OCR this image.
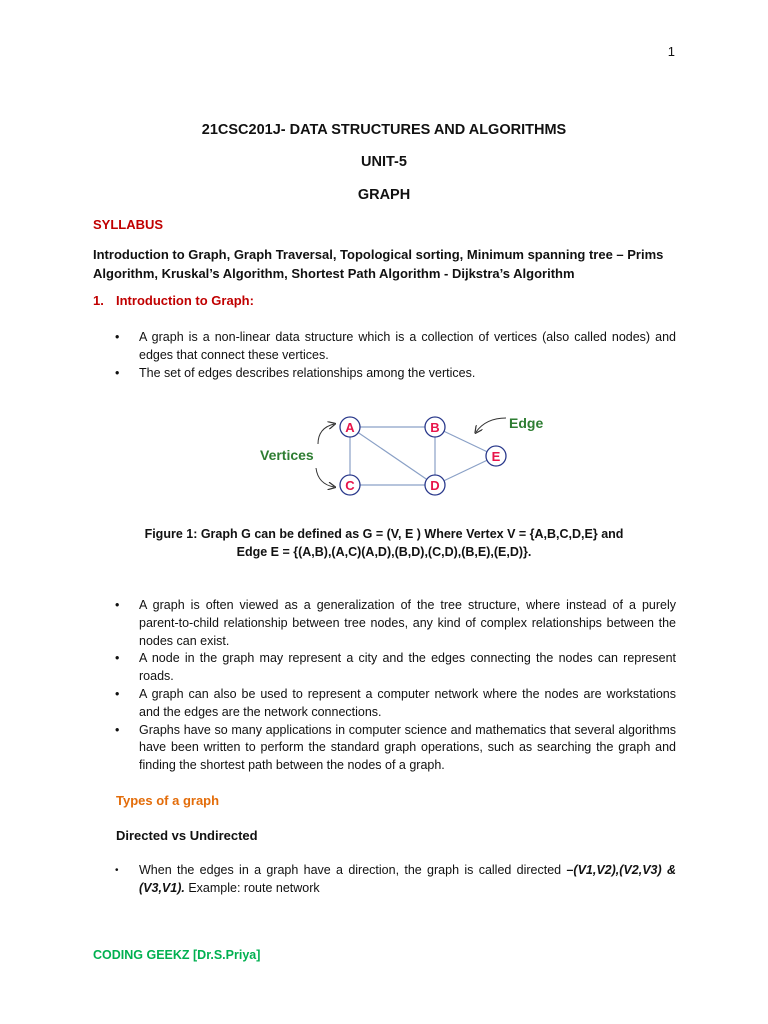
1
21CSC201J- DATA STRUCTURES AND ALGORITHMS
UNIT-5
GRAPH
SYLLABUS
Introduction to Graph, Graph Traversal, Topological sorting, Minimum spanning tree – Prims Algorithm, Kruskal’s Algorithm, Shortest Path Algorithm - Dijkstra’s Algorithm
1. Introduction to Graph:
• A graph is a non-linear data structure which is a collection of vertices (also called nodes) and edges that connect these vertices.
• The set of edges describes relationships among the vertices.
Vertices
Edge
A	B
C	D
E
Figure 1: Graph G can be defined as G = (V, E ) Where Vertex V = {A,B,C,D,E} and
Edge E = {(A,B),(A,C)(A,D),(B,D),(C,D),(B,E),(E,D)}.
• A graph is often viewed as a generalization of the tree structure, where instead of a purely parent-to-child relationship between tree nodes, any kind of complex relationships between the nodes can exist.
• A node in the graph may represent a city and the edges connecting the nodes can represent roads.
• A graph can also be used to represent a computer network where the nodes are workstations and the edges are the network connections.
• Graphs have so many applications in computer science and mathematics that several algorithms have been written to perform the standard graph operations, such as searching the graph and finding the shortest path between the nodes of a graph.
Types of a graph
Directed vs Undirected
• When the edges in a graph have a direction, the graph is called directed –(V1,V2),(V2,V3) & (V3,V1). Example: route network
CODING GEEKZ [Dr.S.Priya]
